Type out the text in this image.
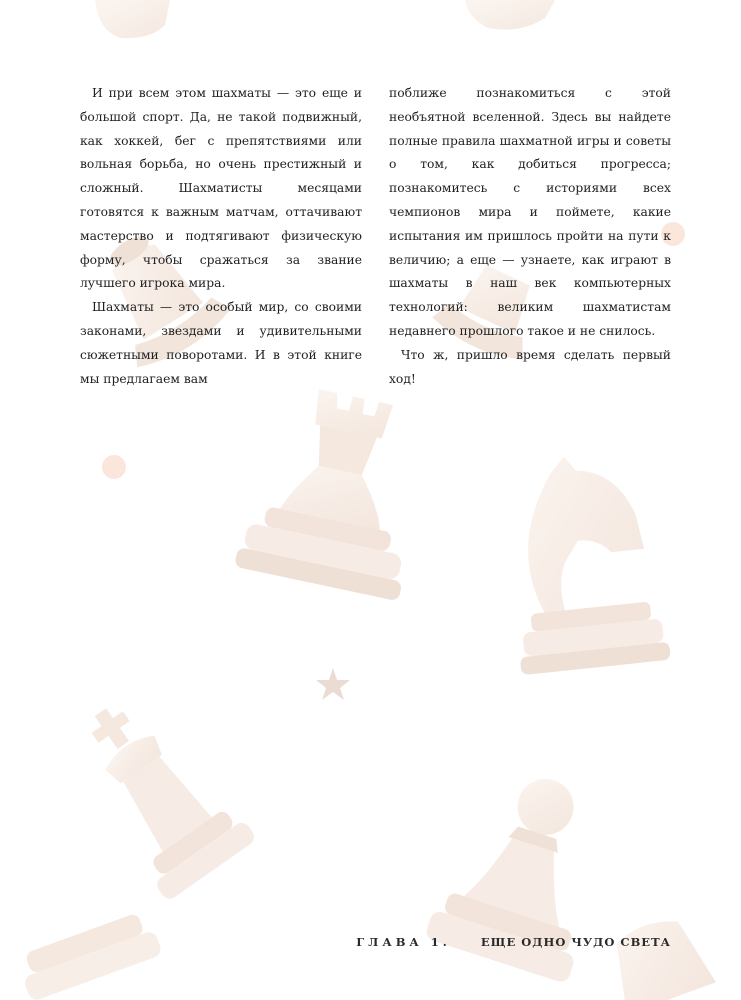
И при всем этом шахматы — это еще и большой спорт. Да, не такой подвижный, как хоккей, бег с препятствиями или вольная борьба, но очень престижный и сложный. Шахматисты месяцами готовятся к важным матчам, оттачивают мастерство и подтягивают физическую форму, чтобы сражаться за звание лучшего игрока мира.

Шахматы — это особый мир, со своими законами, звездами и удивительными сюжетными поворотами. И в этой книге мы предлагаем вам

поближе познакомиться с этой необъятной вселенной. Здесь вы найдете полные правила шахматной игры и советы о том, как добиться прогресса; познакомитесь с историями всех чемпионов мира и поймете, какие испытания им пришлось пройти на пути к величию; а еще — узнаете, как играют в шахматы в наш век компьютерных технологий: великим шахматистам недавнего прошлого такое и не снилось.

Что ж, пришло время сделать первый ход!

ГЛАВА 1.	ЕЩЕ ОДНО ЧУДО СВЕТА
